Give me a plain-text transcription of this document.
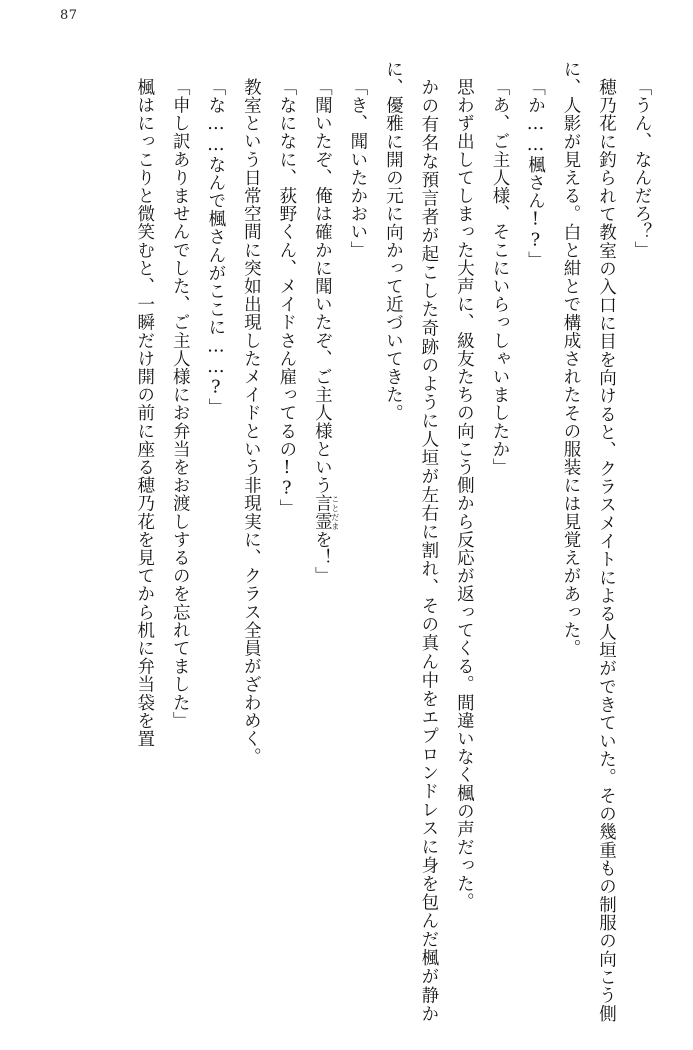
87

「うん、なんだろ？」

穂乃花に釣られて教室の入口に目を向けると、クラスメイトによる人垣ができていた。その幾重もの制服の向こう側に、人影が見える。白と紺とで構成されたその服装には見覚えがあった。

「か……楓さん!?」

「あ、ご主人様、そこにいらっしゃいましたか」

思わず出してしまった大声に、級友たちの向こう側から反応が返ってくる。間違いなく楓の声だった。

かの有名な預言者が起こした奇跡のように人垣が左右に割れ、その真ん中をエプロンドレスに身を包んだ楓が静かに、優雅に開の元に向かって近づいてきた。

「き、聞いたかおい」

「聞いたぞ、俺は確かに聞いたぞ、ご主人様という言霊ことだまを！」

「なになに、荻野くん、メイドさん雇ってるの!?」

教室という日常空間に突如出現したメイドという非現実に、クラス全員がざわめく。

「な……なんで楓さんがここに……?」

「申し訳ありませんでした、ご主人様にお弁当をお渡しするのを忘れてました」

楓はにっこりと微笑むと、一瞬だけ開の前に座る穂乃花を見てから机に弁当袋を置
